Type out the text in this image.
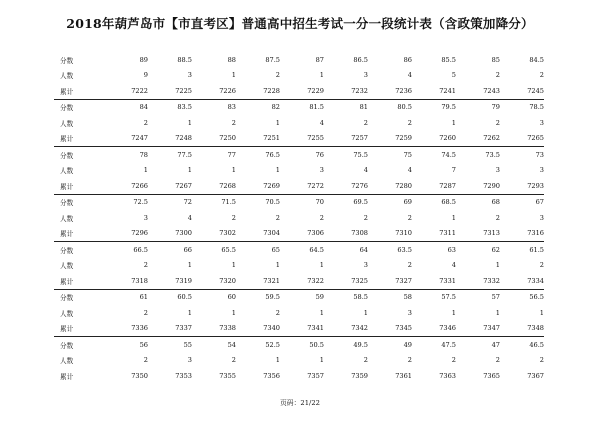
2018年葫芦岛市【市直考区】普通高中招生考试一分一段统计表（含政策加降分）
分数	89	88.5	88	87.5	87	86.5	86	85.5	85	84.5
人数	9	3	1	2	1	3	4	5	2	2
累计	7222	7225	7226	7228	7229	7232	7236	7241	7243	7245
分数	84	83.5	83	82	81.5	81	80.5	79.5	79	78.5
人数	2	1	2	1	4	2	2	1	2	3
累计	7247	7248	7250	7251	7255	7257	7259	7260	7262	7265
分数	78	77.5	77	76.5	76	75.5	75	74.5	73.5	73
人数	1	1	1	1	3	4	4	7	3	3
累计	7266	7267	7268	7269	7272	7276	7280	7287	7290	7293
分数	72.5	72	71.5	70.5	70	69.5	69	68.5	68	67
人数	3	4	2	2	2	2	2	1	2	3
累计	7296	7300	7302	7304	7306	7308	7310	7311	7313	7316
分数	66.5	66	65.5	65	64.5	64	63.5	63	62	61.5
人数	2	1	1	1	1	3	2	4	1	2
累计	7318	7319	7320	7321	7322	7325	7327	7331	7332	7334
分数	61	60.5	60	59.5	59	58.5	58	57.5	57	56.5
人数	2	1	1	2	1	1	3	1	1	1
累计	7336	7337	7338	7340	7341	7342	7345	7346	7347	7348
分数	56	55	54	52.5	50.5	49.5	49	47.5	47	46.5
人数	2	3	2	1	1	2	2	2	2	2
累计	7350	7353	7355	7356	7357	7359	7361	7363	7365	7367
页码：21/22
